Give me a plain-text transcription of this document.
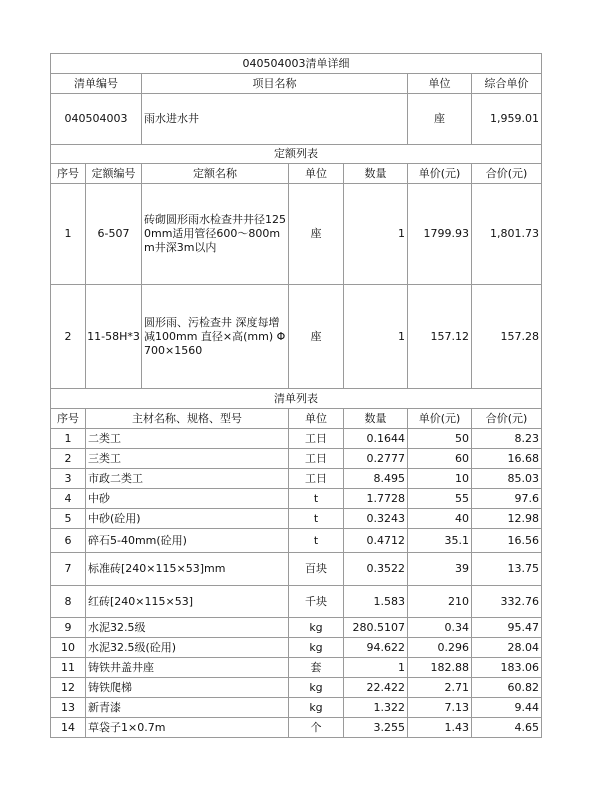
040504003清单详细						
清单编号		项目名称			单位	综合单价
040504003		雨水进水井			座	1,959.01
定额列表						
序号	定额编号	定额名称	单位	数量	单价(元)	合价(元)
1	6-507	砖砌圆形雨水检查井井径1250mm适用管径600～800mm井深3m以内	座	1	1799.93	1,801.73
2	11-58H*3	圆形雨、污检查井 深度每增减100mm 直径×高(mm) Φ700×1560	座	1	157.12	157.28
清单列表						
序号	主材名称、规格、型号		单位	数量	单价(元)	合价(元)
1	二类工		工日	0.1644	50	8.23
2	三类工		工日	0.2777	60	16.68
3	市政二类工		工日	8.495	10	85.03
4	中砂		t	1.7728	55	97.6
5	中砂(砼用)		t	0.3243	40	12.98
6	碎石5-40mm(砼用)		t	0.4712	35.1	16.56
7	标准砖[240×115×53]mm		百块	0.3522	39	13.75
8	红砖[240×115×53]		千块	1.583	210	332.76
9	水泥32.5级		kg	280.5107	0.34	95.47
10	水泥32.5级(砼用)		kg	94.622	0.296	28.04
11	铸铁井盖井座		套	1	182.88	183.06
12	铸铁爬梯		kg	22.422	2.71	60.82
13	新青漆		kg	1.322	7.13	9.44
14	草袋子1×0.7m		个	3.255	1.43	4.65
